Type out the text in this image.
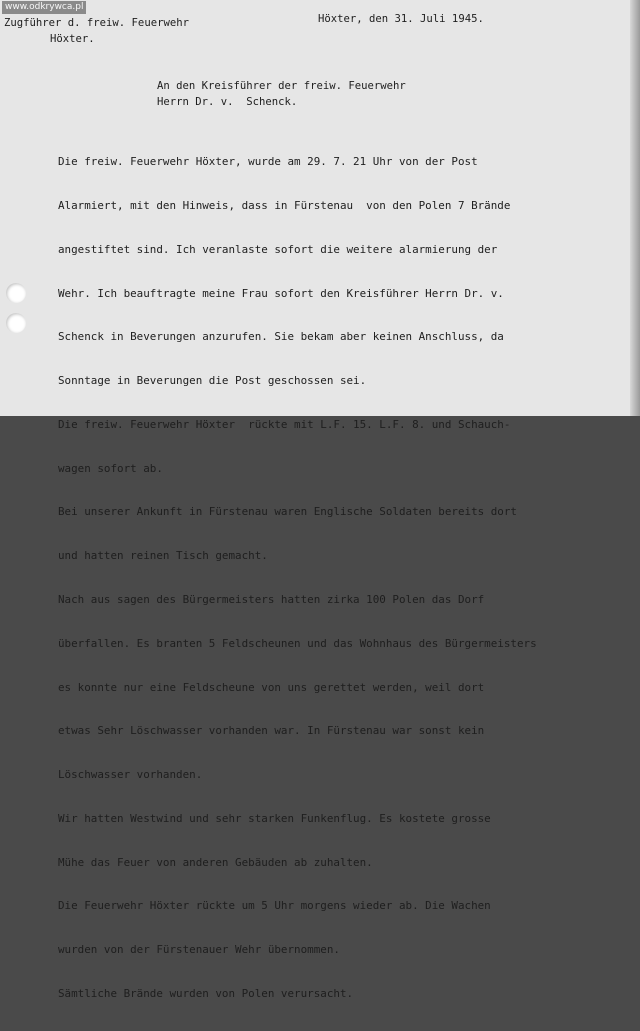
www.odkrywca.pl

Zugführer d. freiw. Feuerwehr

Höxter.

Höxter, den 31. Juli 1945.

An den Kreisführer der freiw. Feuerwehr

Herrn Dr. v.  Schenck.

Die freiw. Feuerwehr Höxter, wurde am 29. 7. 21 Uhr von der Post

Alarmiert, mit den Hinweis, dass in Fürstenau  von den Polen 7 Brände

angestiftet sind. Ich veranlaste sofort die weitere alarmierung der

Wehr. Ich beauftragte meine Frau sofort den Kreisführer Herrn Dr. v.

Schenck in Beverungen anzurufen. Sie bekam aber keinen Anschluss, da

Sonntage in Beverungen die Post geschossen sei.

Die freiw. Feuerwehr Höxter  rückte mit L.F. 15. L.F. 8. und Schauch-

wagen sofort ab.

Bei unserer Ankunft in Fürstenau waren Englische Soldaten bereits dort

und hatten reinen Tisch gemacht.

Nach aus sagen des Bürgermeisters hatten zirka 100 Polen das Dorf

überfallen. Es branten 5 Feldscheunen und das Wohnhaus des Bürgermeisters

es konnte nur eine Feldscheune von uns gerettet werden, weil dort

etwas Sehr Löschwasser vorhanden war. In Fürstenau war sonst kein

Löschwasser vorhanden.

Wir hatten Westwind und sehr starken Funkenflug. Es kostete grosse

Mühe das Feuer von anderen Gebäuden ab zuhalten.

Die Feuerwehr Höxter rückte um 5 Uhr morgens wieder ab. Die Wachen

wurden von der Fürstenauer Wehr übernommen.

Sämtliche Brände wurden von Polen verursacht.
